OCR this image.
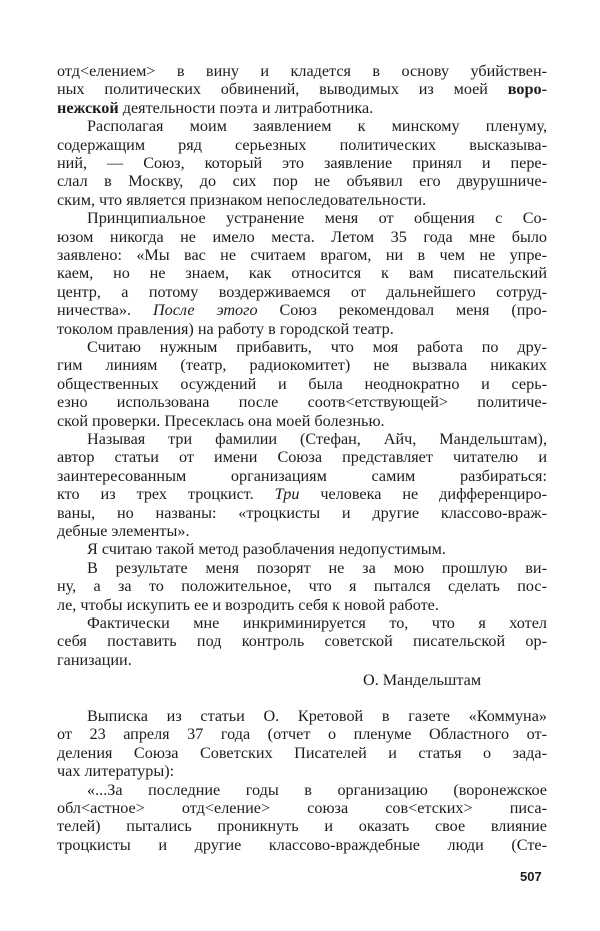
отд<елением> в вину и кладется в основу убийствен-
ных политических обвинений, выводимых из моей воро-
нежской деятельности поэта и литработника.
Располагая моим заявлением к минскому пленуму,
содержащим ряд серьезных политических высказыва-
ний, — Союз, который это заявление принял и пере-
слал в Москву, до сих пор не объявил его двурушниче-
ским, что является признаком непоследовательности.
Принципиальное устранение меня от общения с Со-
юзом никогда не имело места. Летом 35 года мне было
заявлено: «Мы вас не считаем врагом, ни в чем не упре-
каем, но не знаем, как относится к вам писательский
центр, а потому воздерживаемся от дальнейшего сотруд-
ничества». После этого Союз рекомендовал меня (про-
токолом правления) на работу в городской театр.
Считаю нужным прибавить, что моя работа по дру-
гим линиям (театр, радиокомитет) не вызвала никаких
общественных осуждений и была неоднократно и серь-
езно использована после соотв<етствующей> политиче-
ской проверки. Пресеклась она моей болезнью.
Называя три фамилии (Стефан, Айч, Мандельштам),
автор статьи от имени Союза представляет читателю и
заинтересованным организациям самим разбираться:
кто из трех троцкист. Три человека не дифференциро-
ваны, но названы: «троцкисты и другие классово-враж-
дебные элементы».
Я считаю такой метод разоблачения недопустимым.
В результате меня позорят не за мою прошлую ви-
ну, а за то положительное, что я пытался сделать пос-
ле, чтобы искупить ее и возродить себя к новой работе.
Фактически мне инкриминируется то, что я хотел
себя поставить под контроль советской писательской ор-
ганизации.
О. Мандельштам
Выписка из статьи О. Кретовой в газете «Коммуна»
от 23 апреля 37 года (отчет о пленуме Областного от-
деления Союза Советских Писателей и статья о зада-
чах литературы):
«...За последние годы в организацию (воронежское
обл<астное> отд<еление> союза сов<етских> писа-
телей) пытались проникнуть и оказать свое влияние
троцкисты и другие классово-враждебные люди (Сте-
507
